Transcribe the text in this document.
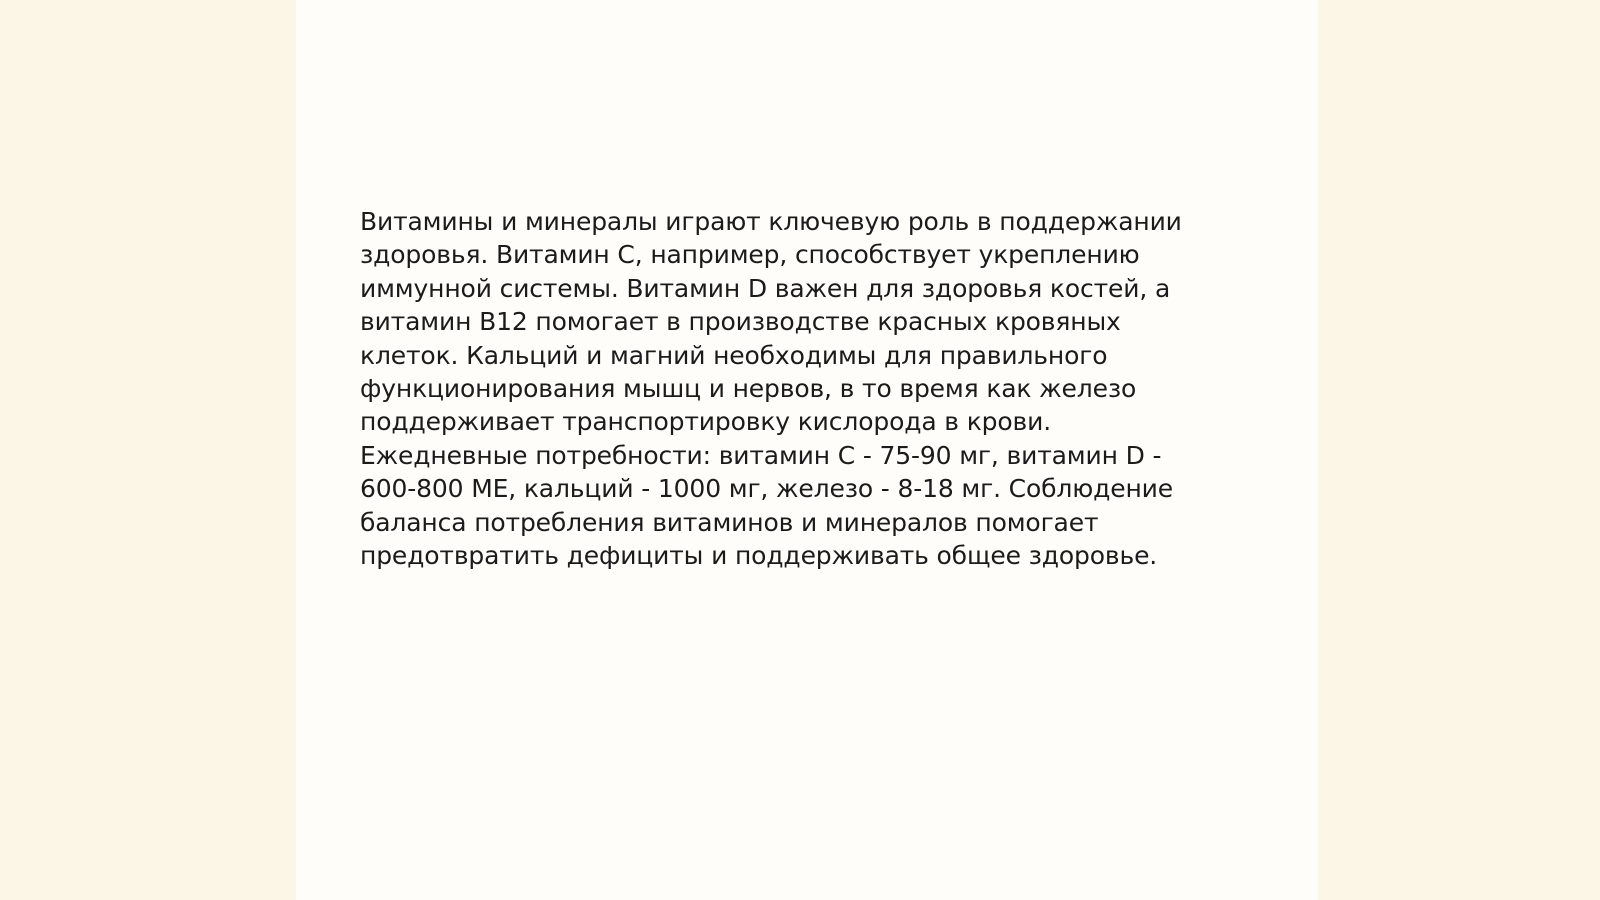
Витамины и минералы играют ключевую роль в поддержании
здоровья. Витамин C, например, способствует укреплению
иммунной системы. Витамин D важен для здоровья костей, а
витамин B12 помогает в производстве красных кровяных
клеток. Кальций и магний необходимы для правильного
функционирования мышц и нервов, в то время как железо
поддерживает транспортировку кислорода в крови.
Ежедневные потребности: витамин C - 75-90 мг, витамин D -
600-800 МЕ, кальций - 1000 мг, железо - 8-18 мг. Соблюдение
баланса потребления витаминов и минералов помогает
предотвратить дефициты и поддерживать общее здоровье.
